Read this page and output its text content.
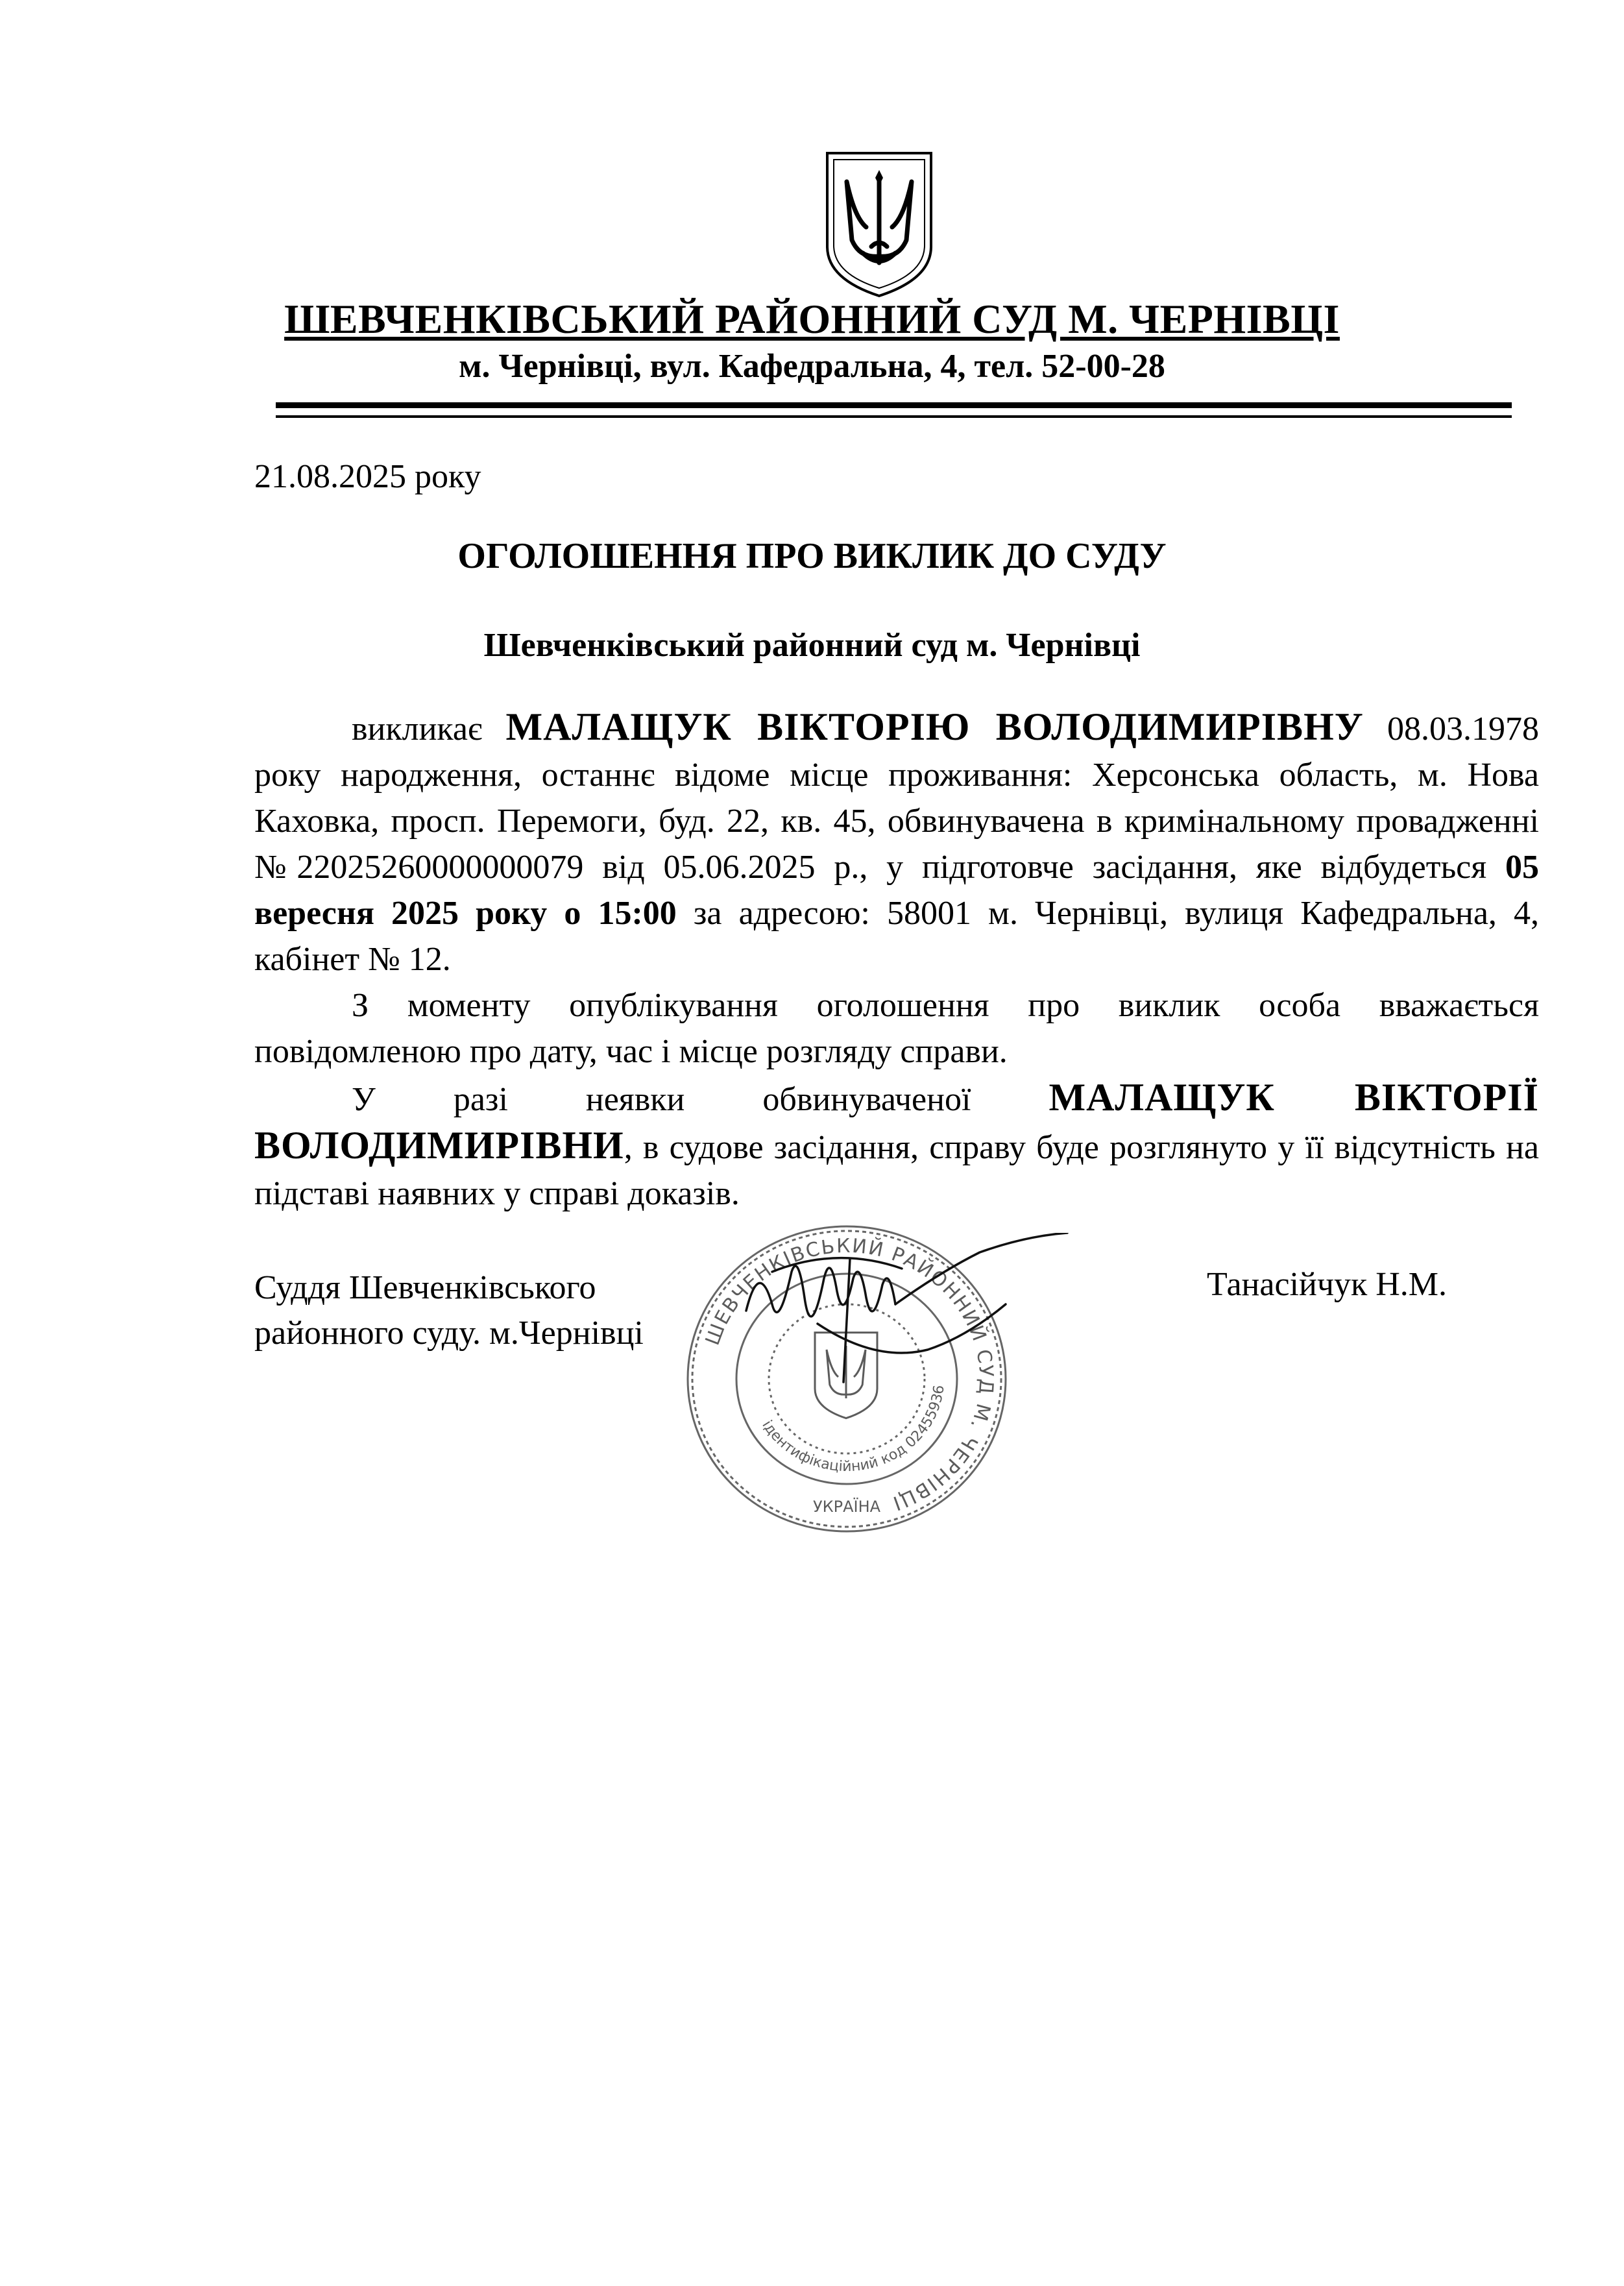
ШЕВЧЕНКІВСЬКИЙ РАЙОННИЙ СУД М. ЧЕРНІВЦІ
м. Чернівці, вул. Кафедральна, 4, тел. 52-00-28
21.08.2025 року
ОГОЛОШЕННЯ ПРО ВИКЛИК ДО СУДУ
Шевченківський районний суд м. Чернівці

викликає МАЛАЩУК ВІКТОРІЮ ВОЛОДИМИРІВНУ 08.03.1978 року народження, останнє відоме місце проживання: Херсонська область, м. Нова Каховка, просп. Перемоги, буд. 22, кв. 45, обвинувачена в кримінальному провадженні №22025260000000079 від 05.06.2025 р., у підготовче засідання, яке відбудеться 05 вересня 2025 року о 15:00 за адресою: 58001 м. Чернівці, вулиця Кафедральна, 4, кабінет № 12.

З моменту опублікування оголошення про виклик особа вважається повідомленою про дату, час і місце розгляду справи.

У разі неявки обвинуваченої МАЛАЩУК ВІКТОРІЇ ВОЛОДИМИРІВНИ, в судове засідання, справу буде розглянуто у її відсутність на підставі наявних у справі доказів.

Суддя Шевченківського
районного суду. м.Чернівці
Танасійчук Н.М.
ШЕВЧЕНКІВСЬКИЙ РАЙОННИЙ СУД М. ЧЕРНІВЦІ
ідентифікаційний код 02455936
УКРАЇНА
